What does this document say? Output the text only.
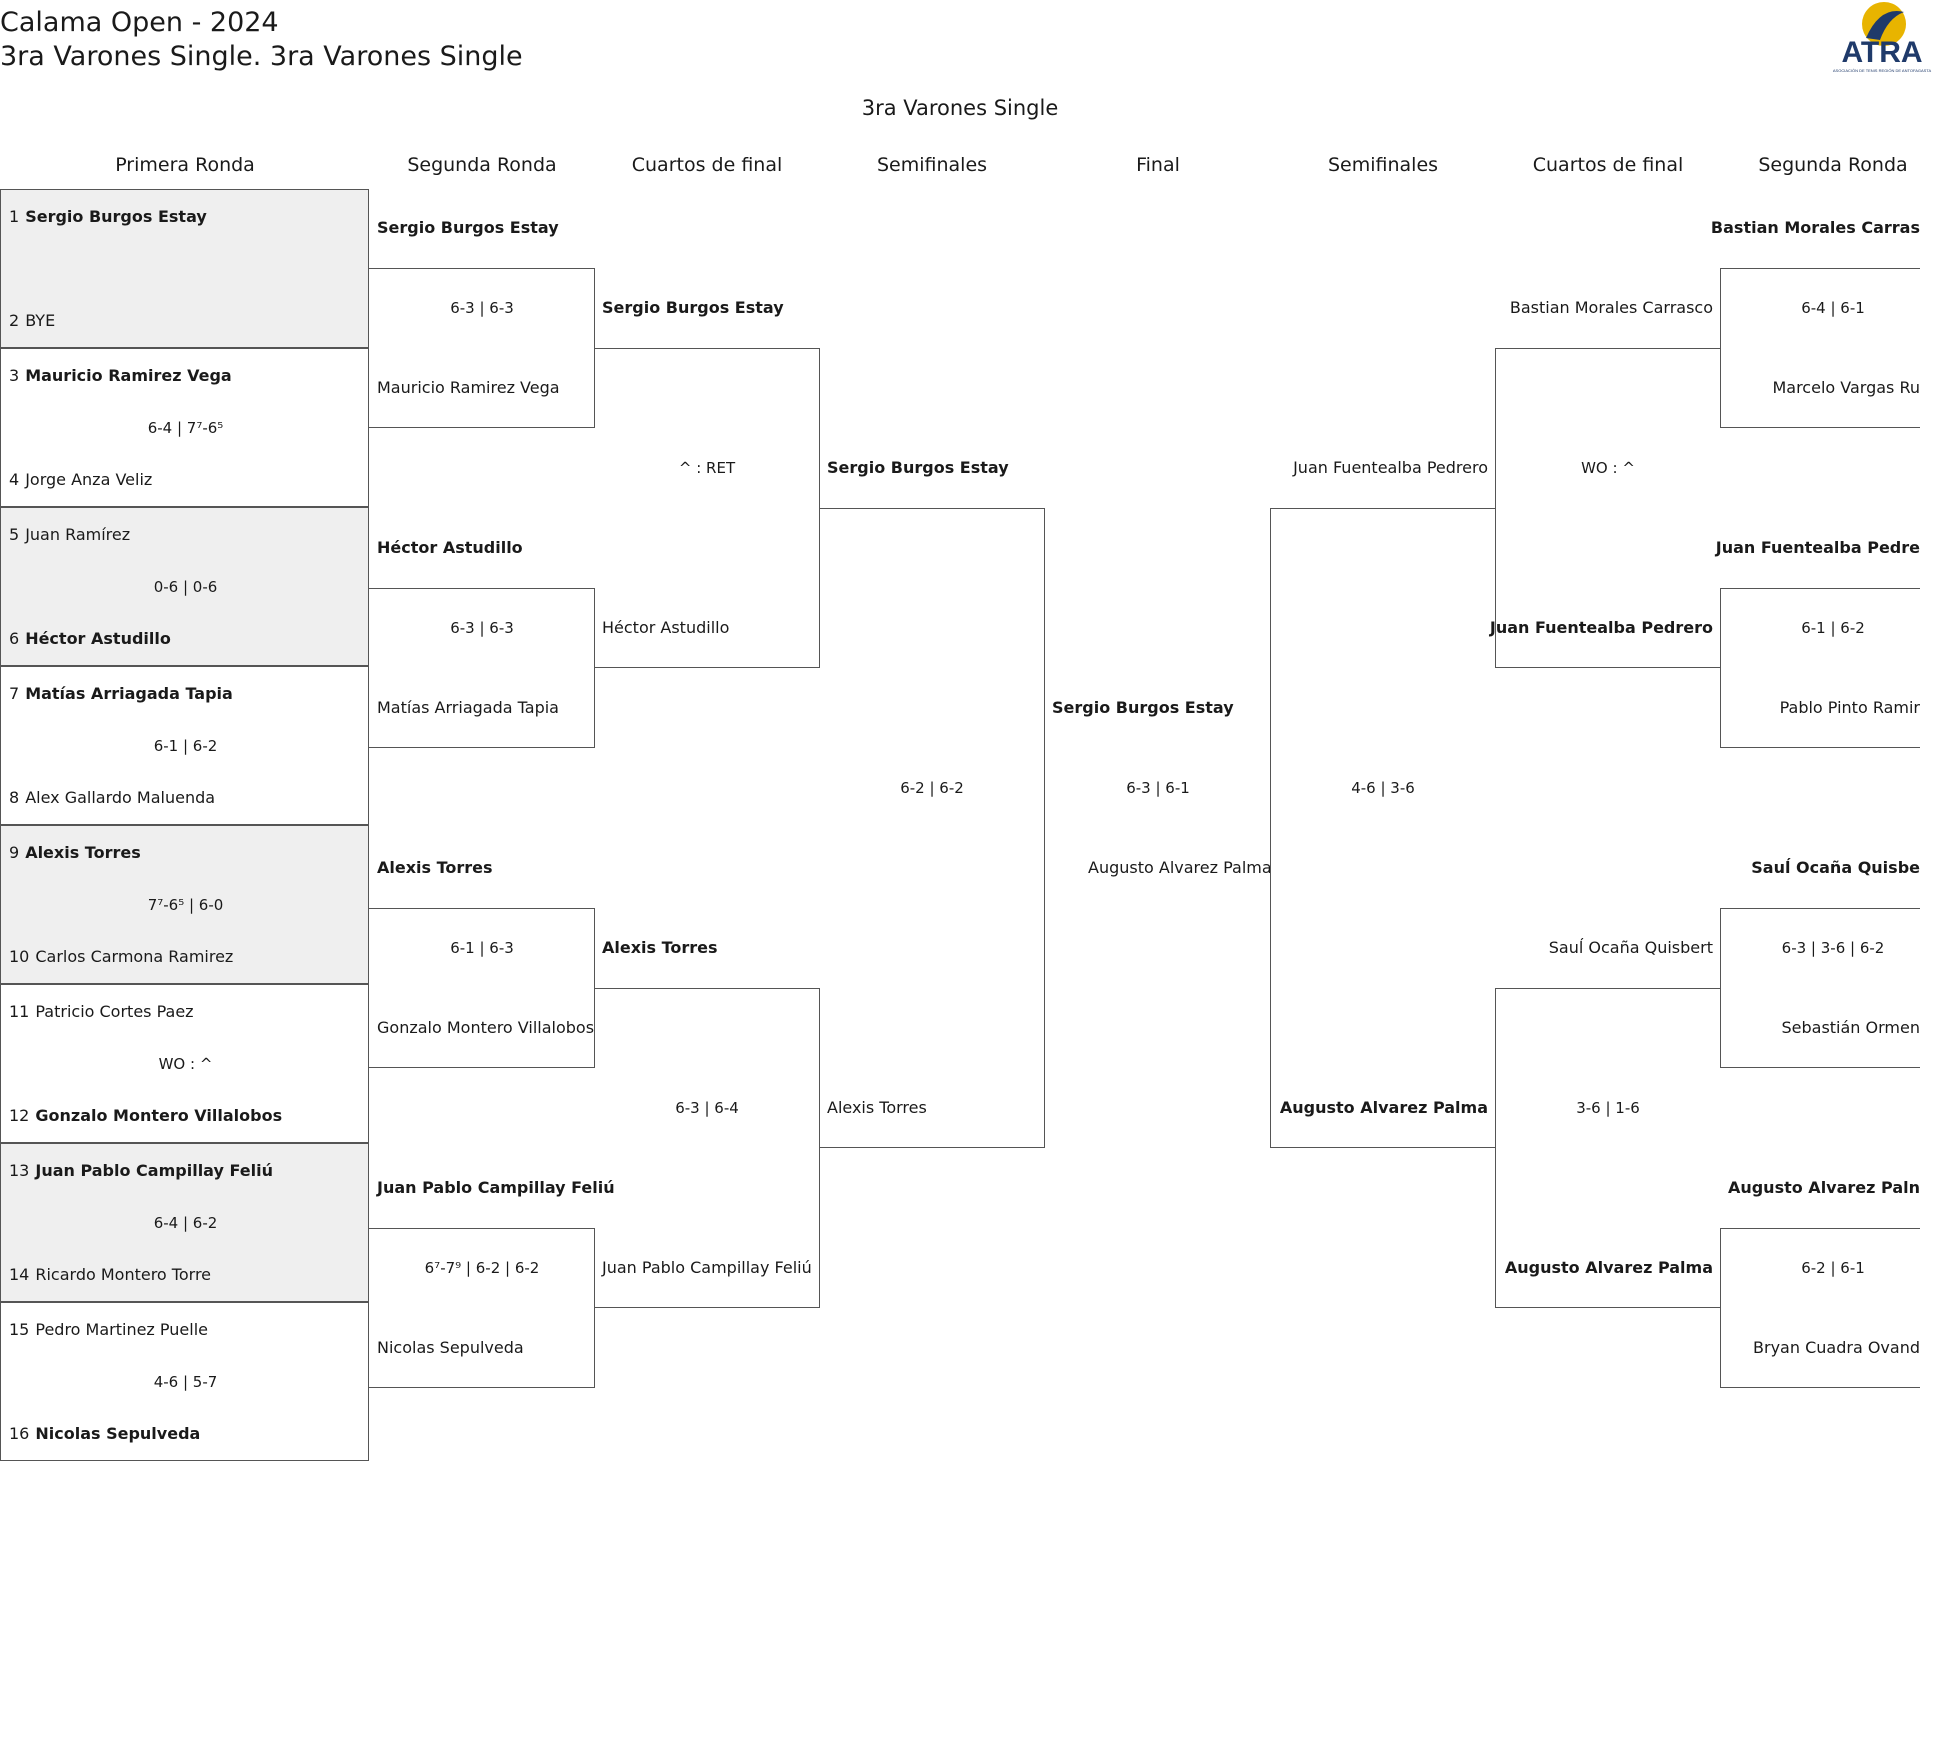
Calama Open - 2024
3ra Varones Single. 3ra Varones Single	ATRA
ASOCIACIÓN DE TENIS REGIÓN DE ANTOFAGASTA
3ra Varones Single
Primera Ronda	Segunda Ronda	Cuartos de final	Semifinales	Final	Semifinales	Cuartos de final	Segunda Ronda
1 Sergio Burgos Estay
2 BYE
3 Mauricio Ramirez Vega
6-4 | 7⁷-6⁵
4 Jorge Anza Veliz
5 Juan Ramírez
0-6 | 0-6
6 Héctor Astudillo
7 Matías Arriagada Tapia
6-1 | 6-2
8 Alex Gallardo Maluenda
9 Alexis Torres
7⁷-6⁵ | 6-0
10 Carlos Carmona Ramirez
11 Patricio Cortes Paez
WO : ^
12 Gonzalo Montero Villalobos
13 Juan Pablo Campillay Feliú
6-4 | 6-2
14 Ricardo Montero Torre
15 Pedro Martinez Puelle
4-6 | 5-7
16 Nicolas Sepulveda
Sergio Burgos Estay
6-3 | 6-3
Mauricio Ramirez Vega
Héctor Astudillo
6-3 | 6-3
Matías Arriagada Tapia
Alexis Torres
6-1 | 6-3
Gonzalo Montero Villalobos
Juan Pablo Campillay Feliú
6⁷-7⁹ | 6-2 | 6-2
Nicolas Sepulveda
Sergio Burgos Estay
^ : RET
Héctor Astudillo
Alexis Torres
6-3 | 6-4
Juan Pablo Campillay Feliú
Sergio Burgos Estay
6-2 | 6-2
Alexis Torres
Sergio Burgos Estay
6-3 | 6-1
Augusto Alvarez Palma
Juan Fuentealba Pedrero
4-6 | 3-6
Augusto Alvarez Palma
Bastian Morales Carrasco
WO : ^
Juan Fuentealba Pedrero
Sauĺ Ocaña Quisbert
3-6 | 1-6
Augusto Alvarez Palma
Bastian Morales Carras
6-4 | 6-1
Marcelo Vargas Ru
Juan Fuentealba Pedre
6-1 | 6-2
Pablo Pinto Ramir
Sauĺ Ocaña Quisbe
6-3 | 3-6 | 6-2
Sebastián Ormen
Augusto Alvarez Paln
6-2 | 6-1
Bryan Cuadra Ovand
